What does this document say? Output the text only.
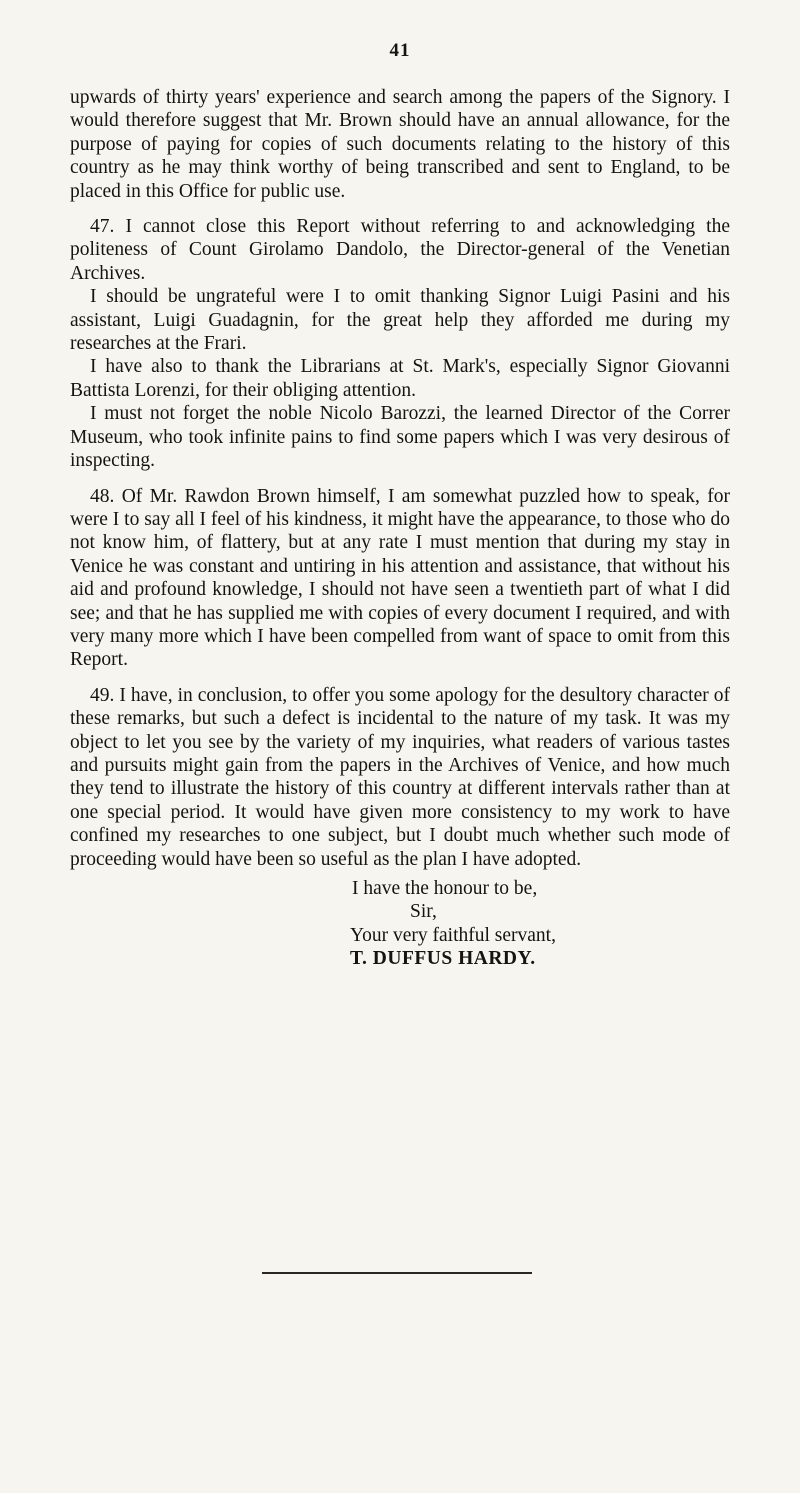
41

upwards of thirty years' experience and search among the papers of the Signory. I would therefore suggest that Mr. Brown should have an annual allowance, for the purpose of paying for copies of such documents relating to the history of this country as he may think worthy of being transcribed and sent to England, to be placed in this Office for public use.

47. I cannot close this Report without referring to and acknowledging the politeness of Count Girolamo Dandolo, the Director-general of the Venetian Archives.

I should be ungrateful were I to omit thanking Signor Luigi Pasini and his assistant, Luigi Guadagnin, for the great help they afforded me during my researches at the Frari.

I have also to thank the Librarians at St. Mark's, especially Signor Giovanni Battista Lorenzi, for their obliging attention.

I must not forget the noble Nicolo Barozzi, the learned Director of the Correr Museum, who took infinite pains to find some papers which I was very desirous of inspecting.

48. Of Mr. Rawdon Brown himself, I am somewhat puzzled how to speak, for were I to say all I feel of his kindness, it might have the appearance, to those who do not know him, of flattery, but at any rate I must mention that during my stay in Venice he was constant and untiring in his attention and assistance, that without his aid and profound knowledge, I should not have seen a twentieth part of what I did see; and that he has supplied me with copies of every document I required, and with very many more which I have been compelled from want of space to omit from this Report.

49. I have, in conclusion, to offer you some apology for the desultory character of these remarks, but such a defect is incidental to the nature of my task. It was my object to let you see by the variety of my inquiries, what readers of various tastes and pursuits might gain from the papers in the Archives of Venice, and how much they tend to illustrate the history of this country at different intervals rather than at one special period. It would have given more consistency to my work to have confined my researches to one subject, but I doubt much whether such mode of proceeding would have been so useful as the plan I have adopted.

I have the honour to be,
Sir,
Your very faithful servant,
T. DUFFUS HARDY.
